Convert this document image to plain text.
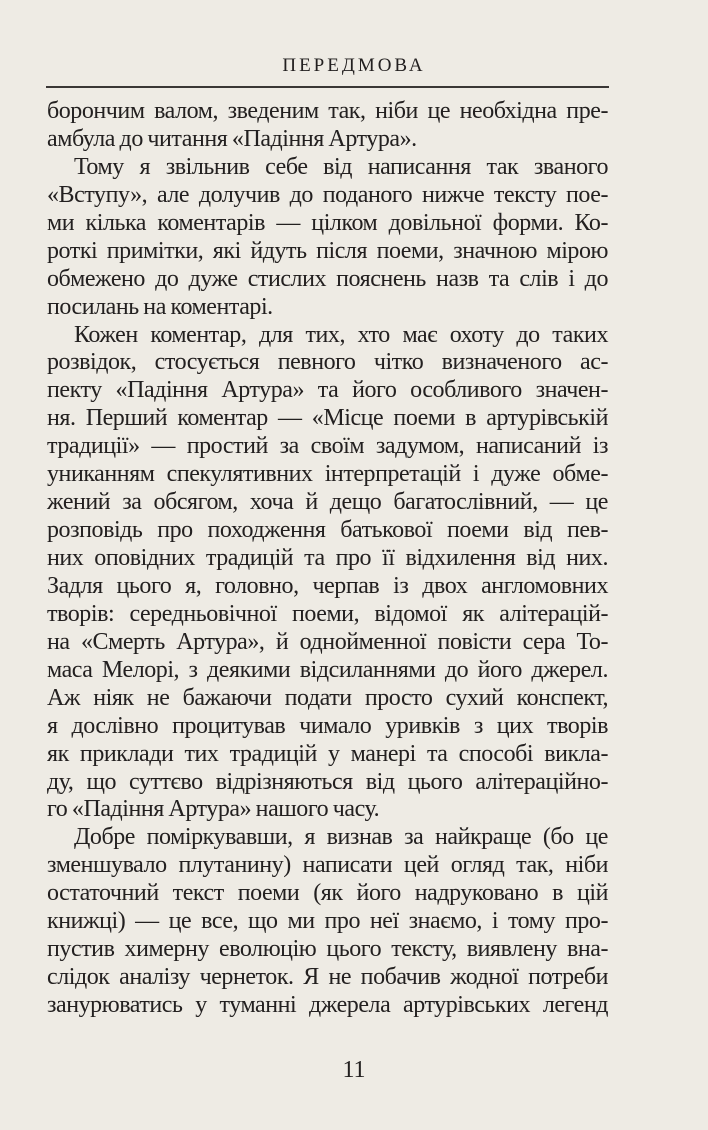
ПЕРЕДМОВА
борончим валом, зведеним так, ніби це необхідна пре-
амбула до читання «Падіння Артура».
Тому я звільнив себе від написання так званого
«Вступу», але долучив до поданого нижче тексту пое-
ми кілька коментарів — цілком довільної форми. Ко-
роткі примітки, які йдуть після поеми, значною мірою
обмежено до дуже стислих пояснень назв та слів і до
посилань на коментарі.
Кожен коментар, для тих, хто має охоту до таких
розвідок, стосується певного чітко визначеного ас-
пекту «Падіння Артура» та його особливого значен-
ня. Перший коментар — «Місце поеми в артурівській
традиції» — простий за своїм задумом, написаний із
униканням спекулятивних інтерпретацій і дуже обме-
жений за обсягом, хоча й дещо багатослівний, — це
розповідь про походження батькової поеми від пев-
них оповідних традицій та про її відхилення від них.
Задля цього я, головно, черпав із двох англомовних
творів: середньовічної поеми, відомої як алітерацій-
на «Смерть Артура», й однойменної повісти сера То-
маса Мелорі, з деякими відсиланнями до його джерел.
Аж ніяк не бажаючи подати просто сухий конспект,
я дослівно процитував чимало уривків з цих творів
як приклади тих традицій у манері та способі викла-
ду, що суттєво відрізняються від цього алітераційно-
го «Падіння Артура» нашого часу.
Добре поміркувавши, я визнав за найкраще (бо це
зменшувало плутанину) написати цей огляд так, ніби
остаточний текст поеми (як його надруковано в цій
книжці) — це все, що ми про неї знаємо, і тому про-
пустив химерну еволюцію цього тексту, виявлену вна-
слідок аналізу чернеток. Я не побачив жодної потреби
занурюватись у туманні джерела артурівських легенд
11
